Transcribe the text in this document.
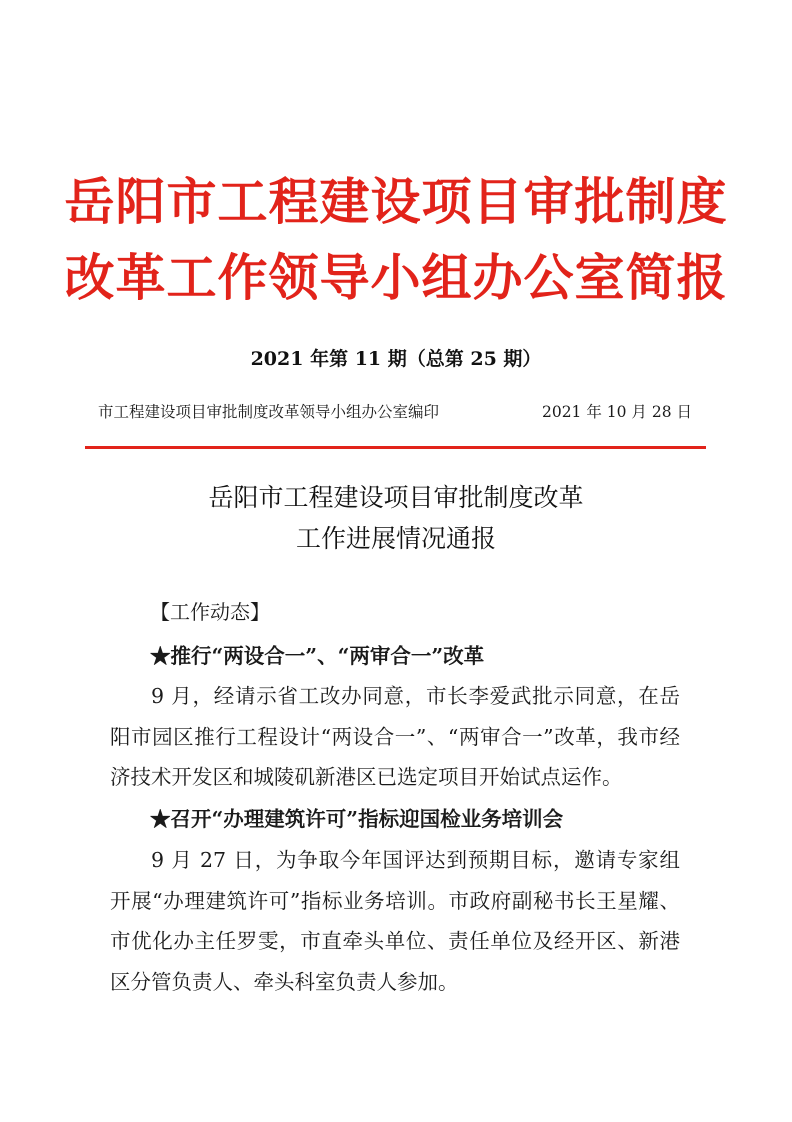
岳阳市工程建设项目审批制度
改革工作领导小组办公室简报
2021 年第 11 期（总第 25 期）
市工程建设项目审批制度改革领导小组办公室编印	2021 年 10 月 28 日
岳阳市工程建设项目审批制度改革
工作进展情况通报
【工作动态】
★推行“两设合一”、“两审合一”改革

9 月，经请示省工改办同意，市长李爱武批示同意，在岳阳市园区推行工程设计“两设合一”、“两审合一”改革，我市经济技术开发区和城陵矶新港区已选定项目开始试点运作。

★召开“办理建筑许可”指标迎国检业务培训会

9 月 27 日，为争取今年国评达到预期目标，邀请专家组开展“办理建筑许可”指标业务培训。市政府副秘书长王星耀、市优化办主任罗雯，市直牵头单位、责任单位及经开区、新港区分管负责人、牵头科室负责人参加。
